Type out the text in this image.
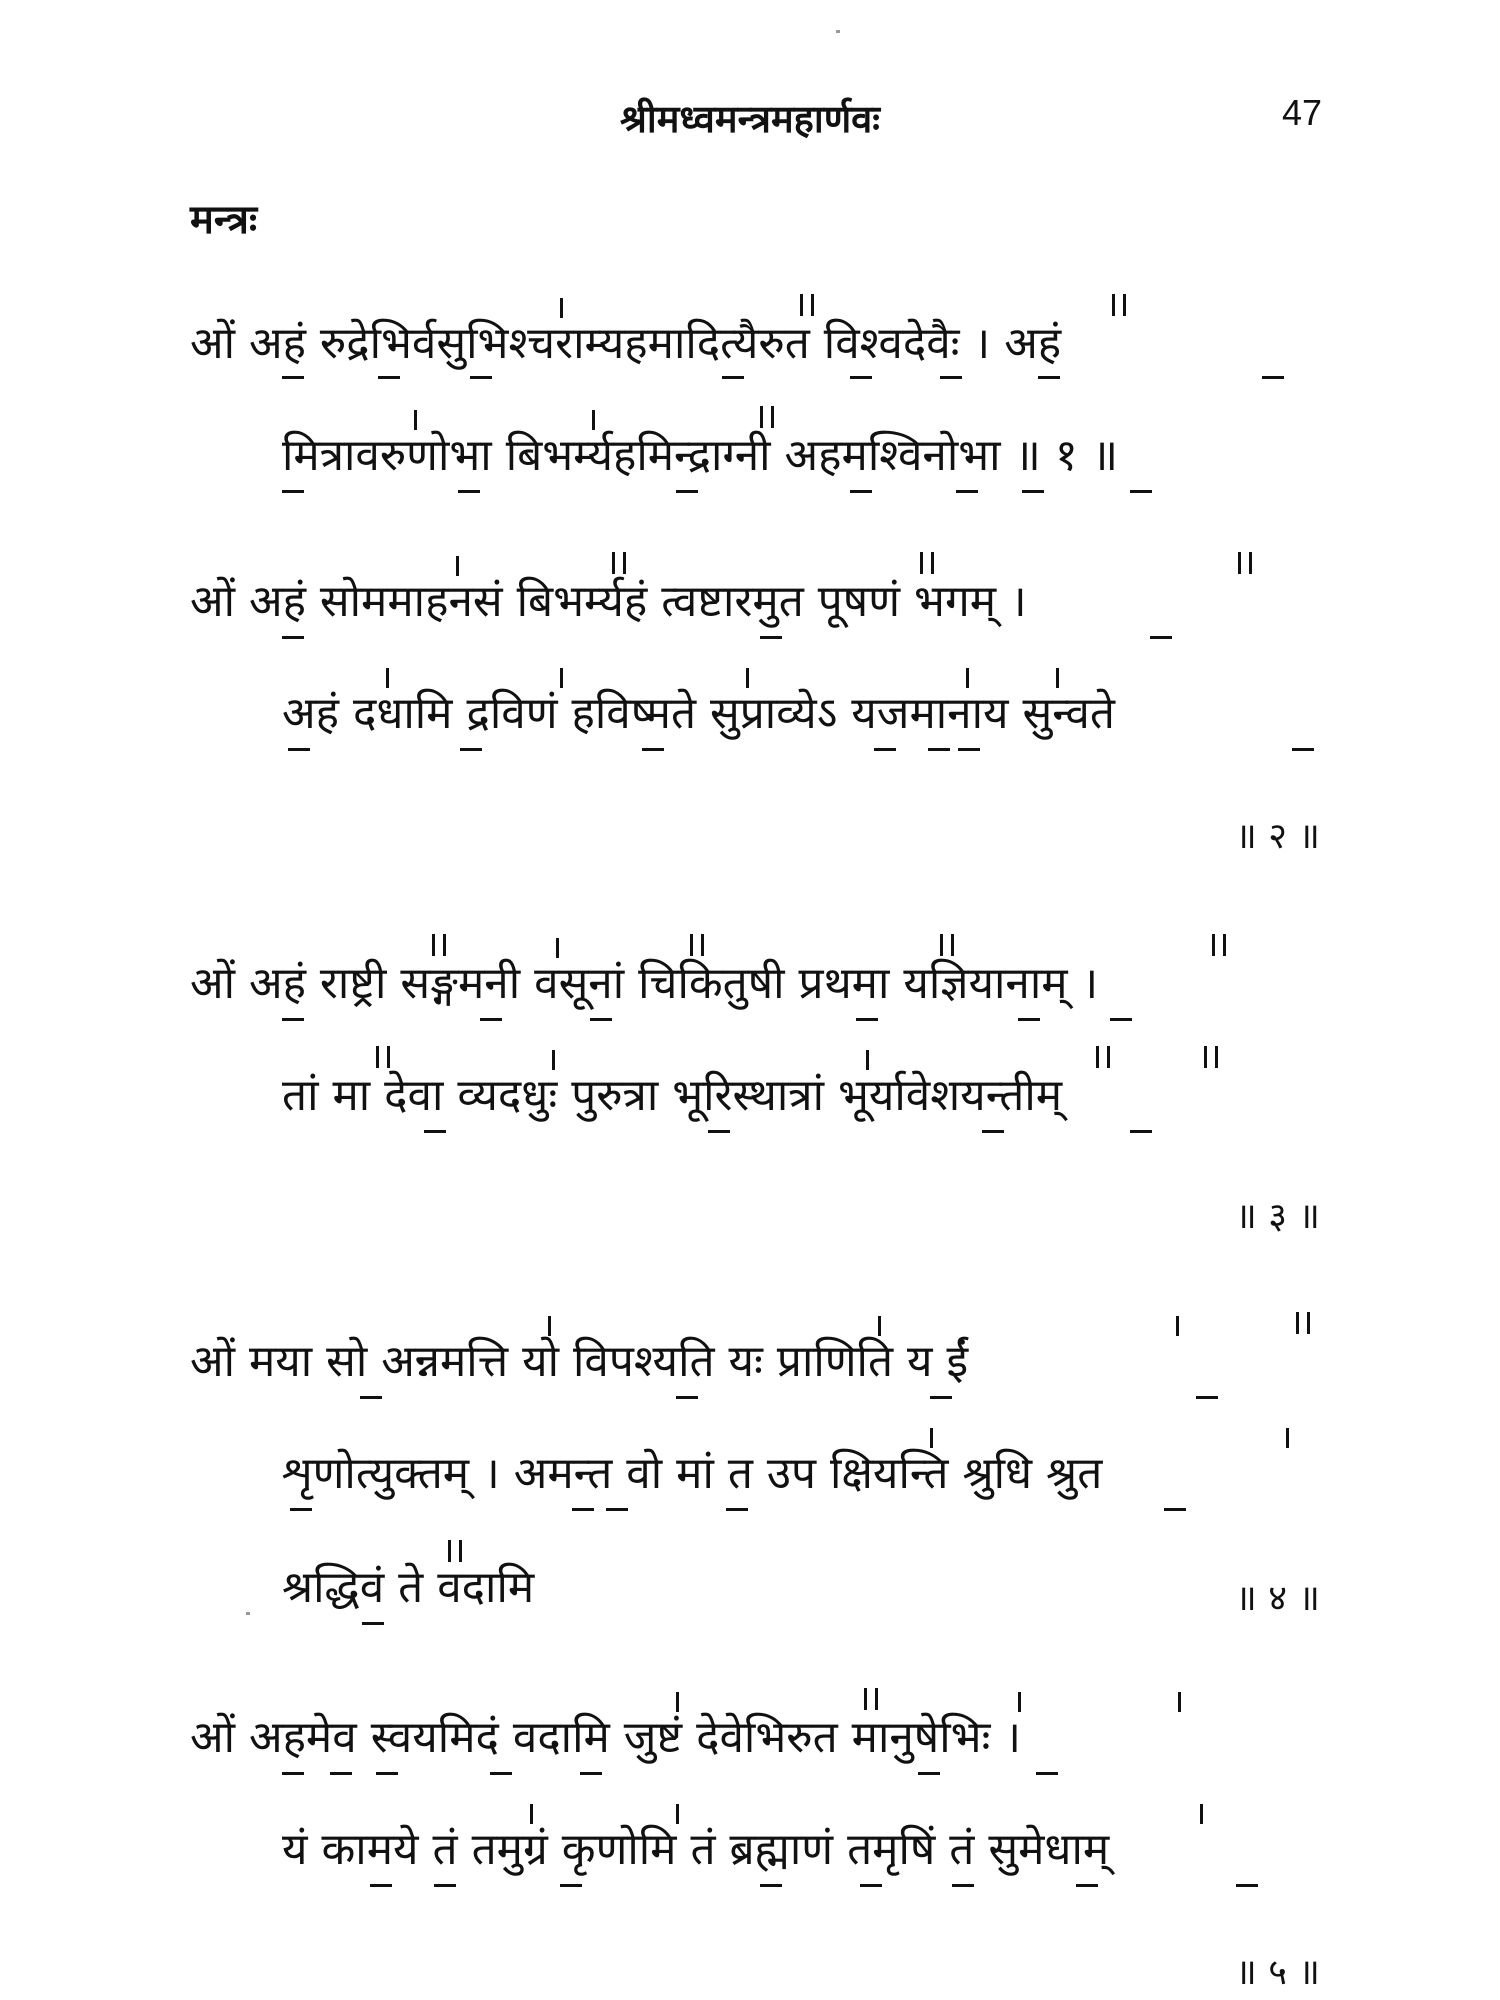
श्रीमध्वमन्त्रमहार्णवः	47
मन्त्रः
ओं अहं रुद्रेभिर्वसुभिश्चराम्यहमादित्यैरुत विश्वदेवैः । अहं
मित्रावरुणोभा बिभर्म्यहमिन्द्राग्नी अहमश्विनोभा ॥ १ ॥
ओं अहं सोममाहनसं बिभर्म्यहं त्वष्टारमुत पूषणं भगम् ।
अहं दधामि द्रविणं हविष्मते सुप्राव्येऽ यजमानाय सुन्वते
॥ २ ॥
ओं अहं राष्ट्री सङ्गमनी वसूनां चिकितुषी प्रथमा यज्ञियानाम् ।
तां मा देवा व्यदधुः पुरुत्रा भूरिस्थात्रां भूर्यावेशयन्तीम्
॥ ३ ॥
ओं मया सो अन्नमत्ति यो विपश्यति यः प्राणिति य ईं
शृणोत्युक्तम् । अमन्त वो मां त उप क्षियन्ति श्रुधि श्रुत
श्रद्धिवं ते वदामि	॥ ४ ॥
ओं अहमेव स्वयमिदं वदामि जुष्टं देवेभिरुत मानुषेभिः ।
यं कामये तं तमुग्रं कृणोमि तं ब्रह्माणं तमृषिं तं सुमेधाम्
॥ ५ ॥
